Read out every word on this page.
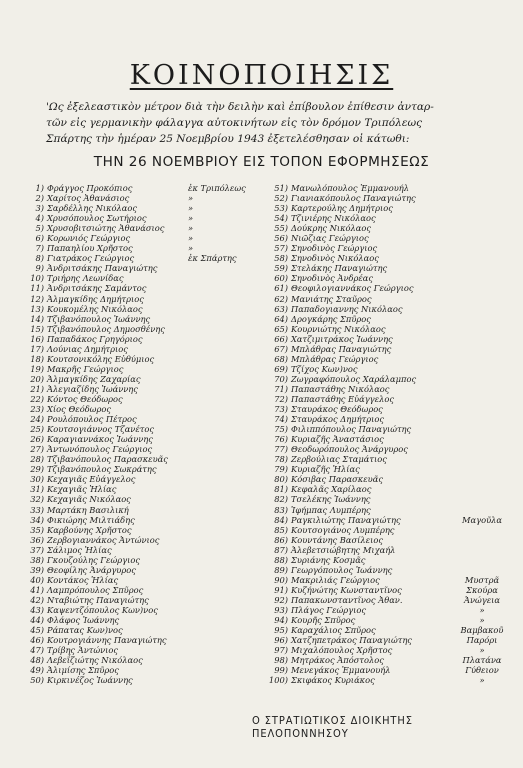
ΚΟΙΝΟΠΟΙΗΣΙΣ
'Ως ἐξελεαστικὸν μέτρον διὰ τὴν δειλὴν καὶ ἐπίβουλον ἐπίθεσιν ἀνταρ-
τῶν εἰς γερμανικὴν φάλαγγα αὐτοκινήτων εἰς τὸν δρόμον Τριπόλεως
Σπάρτης τὴν ἡμέραν 25 Νοεμβρίου 1943 ἐξετελέσθησαν οἱ κάτωθι:
ΤΗΝ 26 ΝΟΕΜΒΡΙΟΥ ΕΙΣ ΤΟΠΟΝ ΕΦΟΡΜΗΣΕΩΣ
1) Φράγγος Προκόπιος	ἐκ Τριπόλεως
2) Χαρίτος Ἀθανάσιος	»
3) Σαρδέλλης Νικόλαος	»
4) Χρυσόπουλος Σωτήριος	»
5) Χρυσοβιτσιώτης Ἀθανάσιος	»
6) Κορωνιός Γεώργιος	»
7) Παπαηλίου Χρῆστος	»
8) Γιατράκος Γεώργιος	ἐκ Σπάρτης
9) Ἀνδριτσάκης Παναγιώτης
10) Τριήρης Λεωνίδας
11) Ἀνδριτσάκης Σαμάντος
12) Ἀλμαγκίδης Δημήτριος
13) Κουκομέλης Νικόλαος
14) Τζιβανόπουλος Ἰωάννης
15) Τζιβανόπουλος Δημοσθένης
16) Παπαδάκος Γρηγόριος
17) Λούνιας Δημήτριος
18) Κουτσονικόλης Εὐθύμιος
19) Μακρῆς Γεώργιος
20) Ἀλμαγκίδης Ζαχαρίας
21) Ἀλεγιαζίδης Ἰωάννης
22) Κόντος Θεόδωρος
23) Χίος Θεόδωρος
24) Ρουλόπουλος Πέτρος
25) Κουτσογιάννος Τζανέτος
26) Καραγιαννάκος Ἰωάννης
27) Ἀντωνόπουλος Γεώργιος
28) Τζιβανόπουλος Παρασκευᾶς
29) Τζιβανόπουλος Σωκράτης
30) Κεχαγιᾶς Εὐάγγελος
31) Κεχαγιᾶς Ἡλίας
32) Κεχαγιᾶς Νικόλαος
33) Μαρτάκη Βασιλική
34) Φικιώρης Μιλτιάδης
35) Καρβούνης Χρῆστος
36) Ζερβογιαννάκος Ἀντώνιος
37) Σάλιμος Ἡλίας
38) Γκουζούλης Γεώργιος
39) Θεοφίλης Ἀνάργυρος
40) Κοντάκος Ἡλίας
41) Λαμπρόπουλος Σπῦρος
42) Νταβιώτης Παναγιώτης
43) Καψεντζόπουλος Κων)νος
44) Φλάφος Ἰωάννης
45) Ράπατας Κων)νος
46) Κουτρογιάννης Παναγιώτης
47) Τρίβης Ἀντώνιος
48) Λεβεΐζιώτης Νικόλαος
49) Ἀλιμίσης Σπῦρος
50) Κιρκινέζος Ἰωάννης
51) Μανωλόπουλος Ἐμμανουήλ
52) Γιανιακόπουλος Παναγιώτης
53) Καρτερούλης Δημήτριος
54) Τζινιέρης Νικόλαος
55) Δούκρης Νικόλαος
56) Νιῶζιας Γεώργιος
57) Σηνοδινὸς Γεώργιος
58) Σηνοδινὸς Νικόλαος
59) Στελάκης Παναγιώτης
60) Σηνοδινὸς Ἀνδρέας
61) Θεοφιλογιαννάκος Γεώργιος
62) Μανιάτης Σταῦρος
63) Παπαδογιαννης Νικόλαος
64) Δρογκάρης Σπῦρος
65) Κουρνιώτης Νικόλαος
66) Χατζιμιτράκος Ἰωάννης
67) Μπλάθρας Παναγιώτης
68) Μπλάθρας Γεώργιος
69) Τζίχος Κων)νος
70) Ζωγραφόπουλος Χαράλαμπος
71) Παπαστάθης Νικόλαος
72) Παπαστάθης Εὐάγγελος
73) Σταυράκος Θεόδωρος
74) Σταυράκος Δημήτριος
75) Φιλιππόπουλος Παναγιώτης
76) Κυριαζῆς Ἀναστάσιος
77) Θεοδωρόπουλος Ἀνάργυρος
78) Ζερβούλιας Σταμάτιος
79) Κυριαζῆς Ἡλίας
80) Κόσιβας Παρασκευᾶς
81) Κεφαλᾶς Χαρίλαος
82) Τσελέκης Ἰωάννης
83) Ἰφήμπας Λυμπέρης
84) Ραγκιλιώτης Παναγιώτης	Μαγοῦλα
85) Κουτσογιάνος Λυμπέρης
86) Κουντάνης Βασίλειος
87) Ἀλεβετσιώβητης Μιχαήλ
88) Συριάνης Κοσμᾶς
89) Γεωργόπουλος Ἰωάννης
90) Μακριλιάς Γεώργιος	Μυστρᾶ
91) Κυζήνώτης Κωνσταντῖνος	Σκούρα
92) Παπακωνσταντῖνος Ἀθαν.	Ἀνώγεια
93) Πλάγος Γεώργιος	»
94) Κουρῆς Σπῦρος	»
95) Καραχάλιος Σπῦρος	Βαμβακοῦ
96) Χατζηπετράκος Παναγιώτης	Παρόρι
97) Μιχαλόπουλος Χρῆστος	»
98) Μητράκος Ἀπόστολος	Πλατάνα
99) Μενεγάκος Ἐμμανουήλ	Γύθειον
100) Σκιφάκος Κυριάκος	»
Ο ΣΤΡΑΤΙΩΤΙΚΟΣ ΔΙΟΙΚΗΤΗΣ ΠΕΛΟΠΟΝΝΗΣΟΥ
